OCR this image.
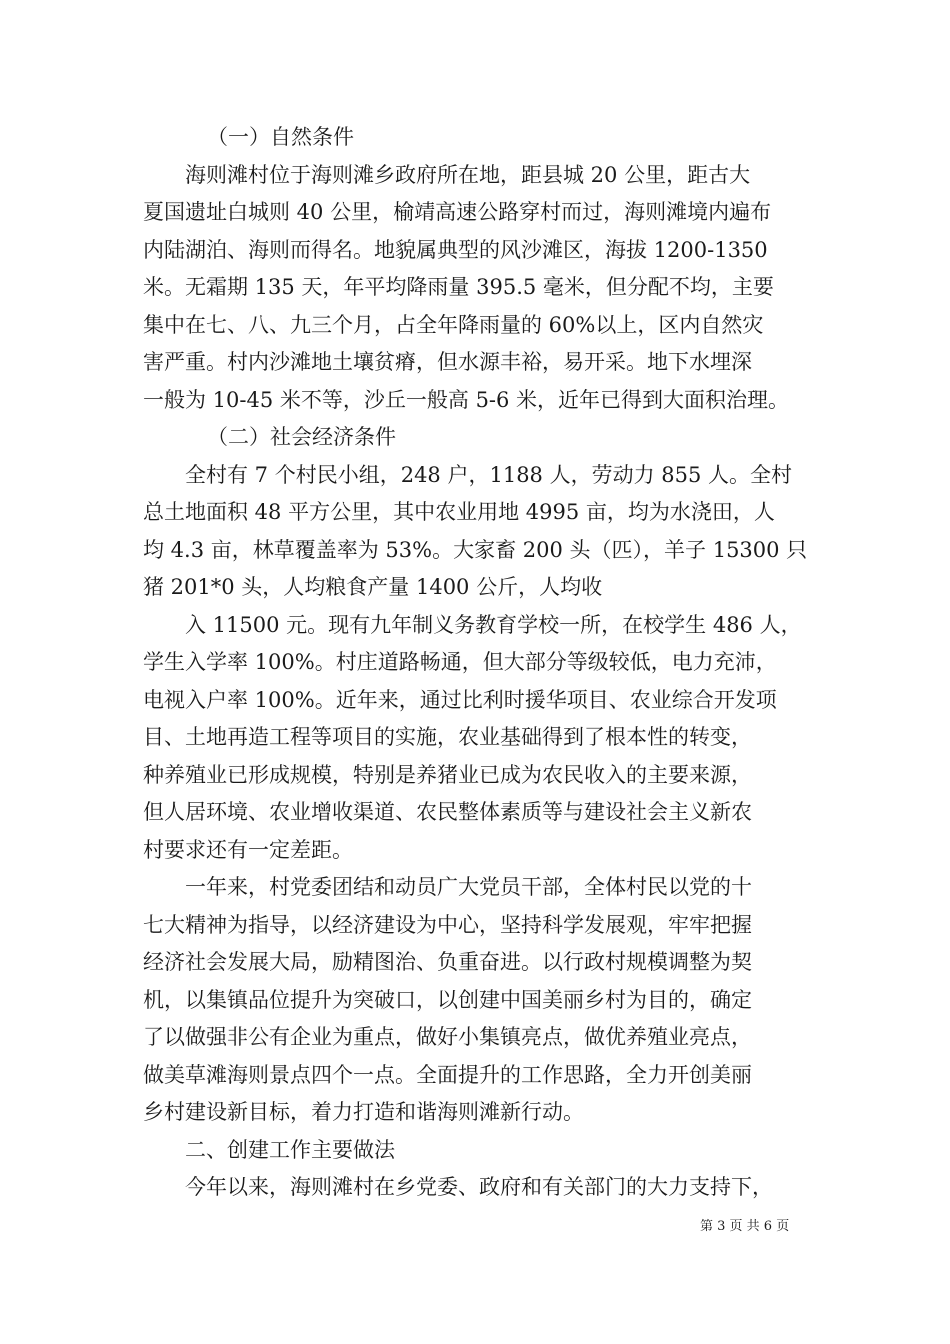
（一）自然条件
海则滩村位于海则滩乡政府所在地，距县城 20 公里，距古大
夏国遗址白城则 40 公里，榆靖高速公路穿村而过，海则滩境内遍布
内陆湖泊、海则而得名。地貌属典型的风沙滩区，海拔 1200-1350
米。无霜期 135 天，年平均降雨量 395.5 毫米，但分配不均，主要
集中在七、八、九三个月，占全年降雨量的 60%以上，区内自然灾
害严重。村内沙滩地土壤贫瘠，但水源丰裕，易开采。地下水埋深
一般为 10-45 米不等，沙丘一般高 5-6 米，近年已得到大面积治理。
（二）社会经济条件
全村有 7 个村民小组，248 户，1188 人，劳动力 855 人。全村
总土地面积 48 平方公里，其中农业用地 4995 亩，均为水浇田，人
均 4.3 亩，林草覆盖率为 53%。大家畜 200 头（匹），羊子 15300 只
猪 201*0 头，人均粮食产量 1400 公斤，人均收
入 11500 元。现有九年制义务教育学校一所，在校学生 486 人，
学生入学率 100%。村庄道路畅通，但大部分等级较低，电力充沛，
电视入户率 100%。近年来，通过比利时援华项目、农业综合开发项
目、土地再造工程等项目的实施，农业基础得到了根本性的转变，
种养殖业已形成规模，特别是养猪业已成为农民收入的主要来源，
但人居环境、农业增收渠道、农民整体素质等与建设社会主义新农
村要求还有一定差距。
一年来，村党委团结和动员广大党员干部，全体村民以党的十
七大精神为指导，以经济建设为中心，坚持科学发展观，牢牢把握
经济社会发展大局，励精图治、负重奋进。以行政村规模调整为契
机，以集镇品位提升为突破口，以创建中国美丽乡村为目的，确定
了以做强非公有企业为重点，做好小集镇亮点，做优养殖业亮点，
做美草滩海则景点四个一点。全面提升的工作思路，全力开创美丽
乡村建设新目标，着力打造和谐海则滩新行动。
二、创建工作主要做法
今年以来，海则滩村在乡党委、政府和有关部门的大力支持下，
第 3 页 共 6 页
